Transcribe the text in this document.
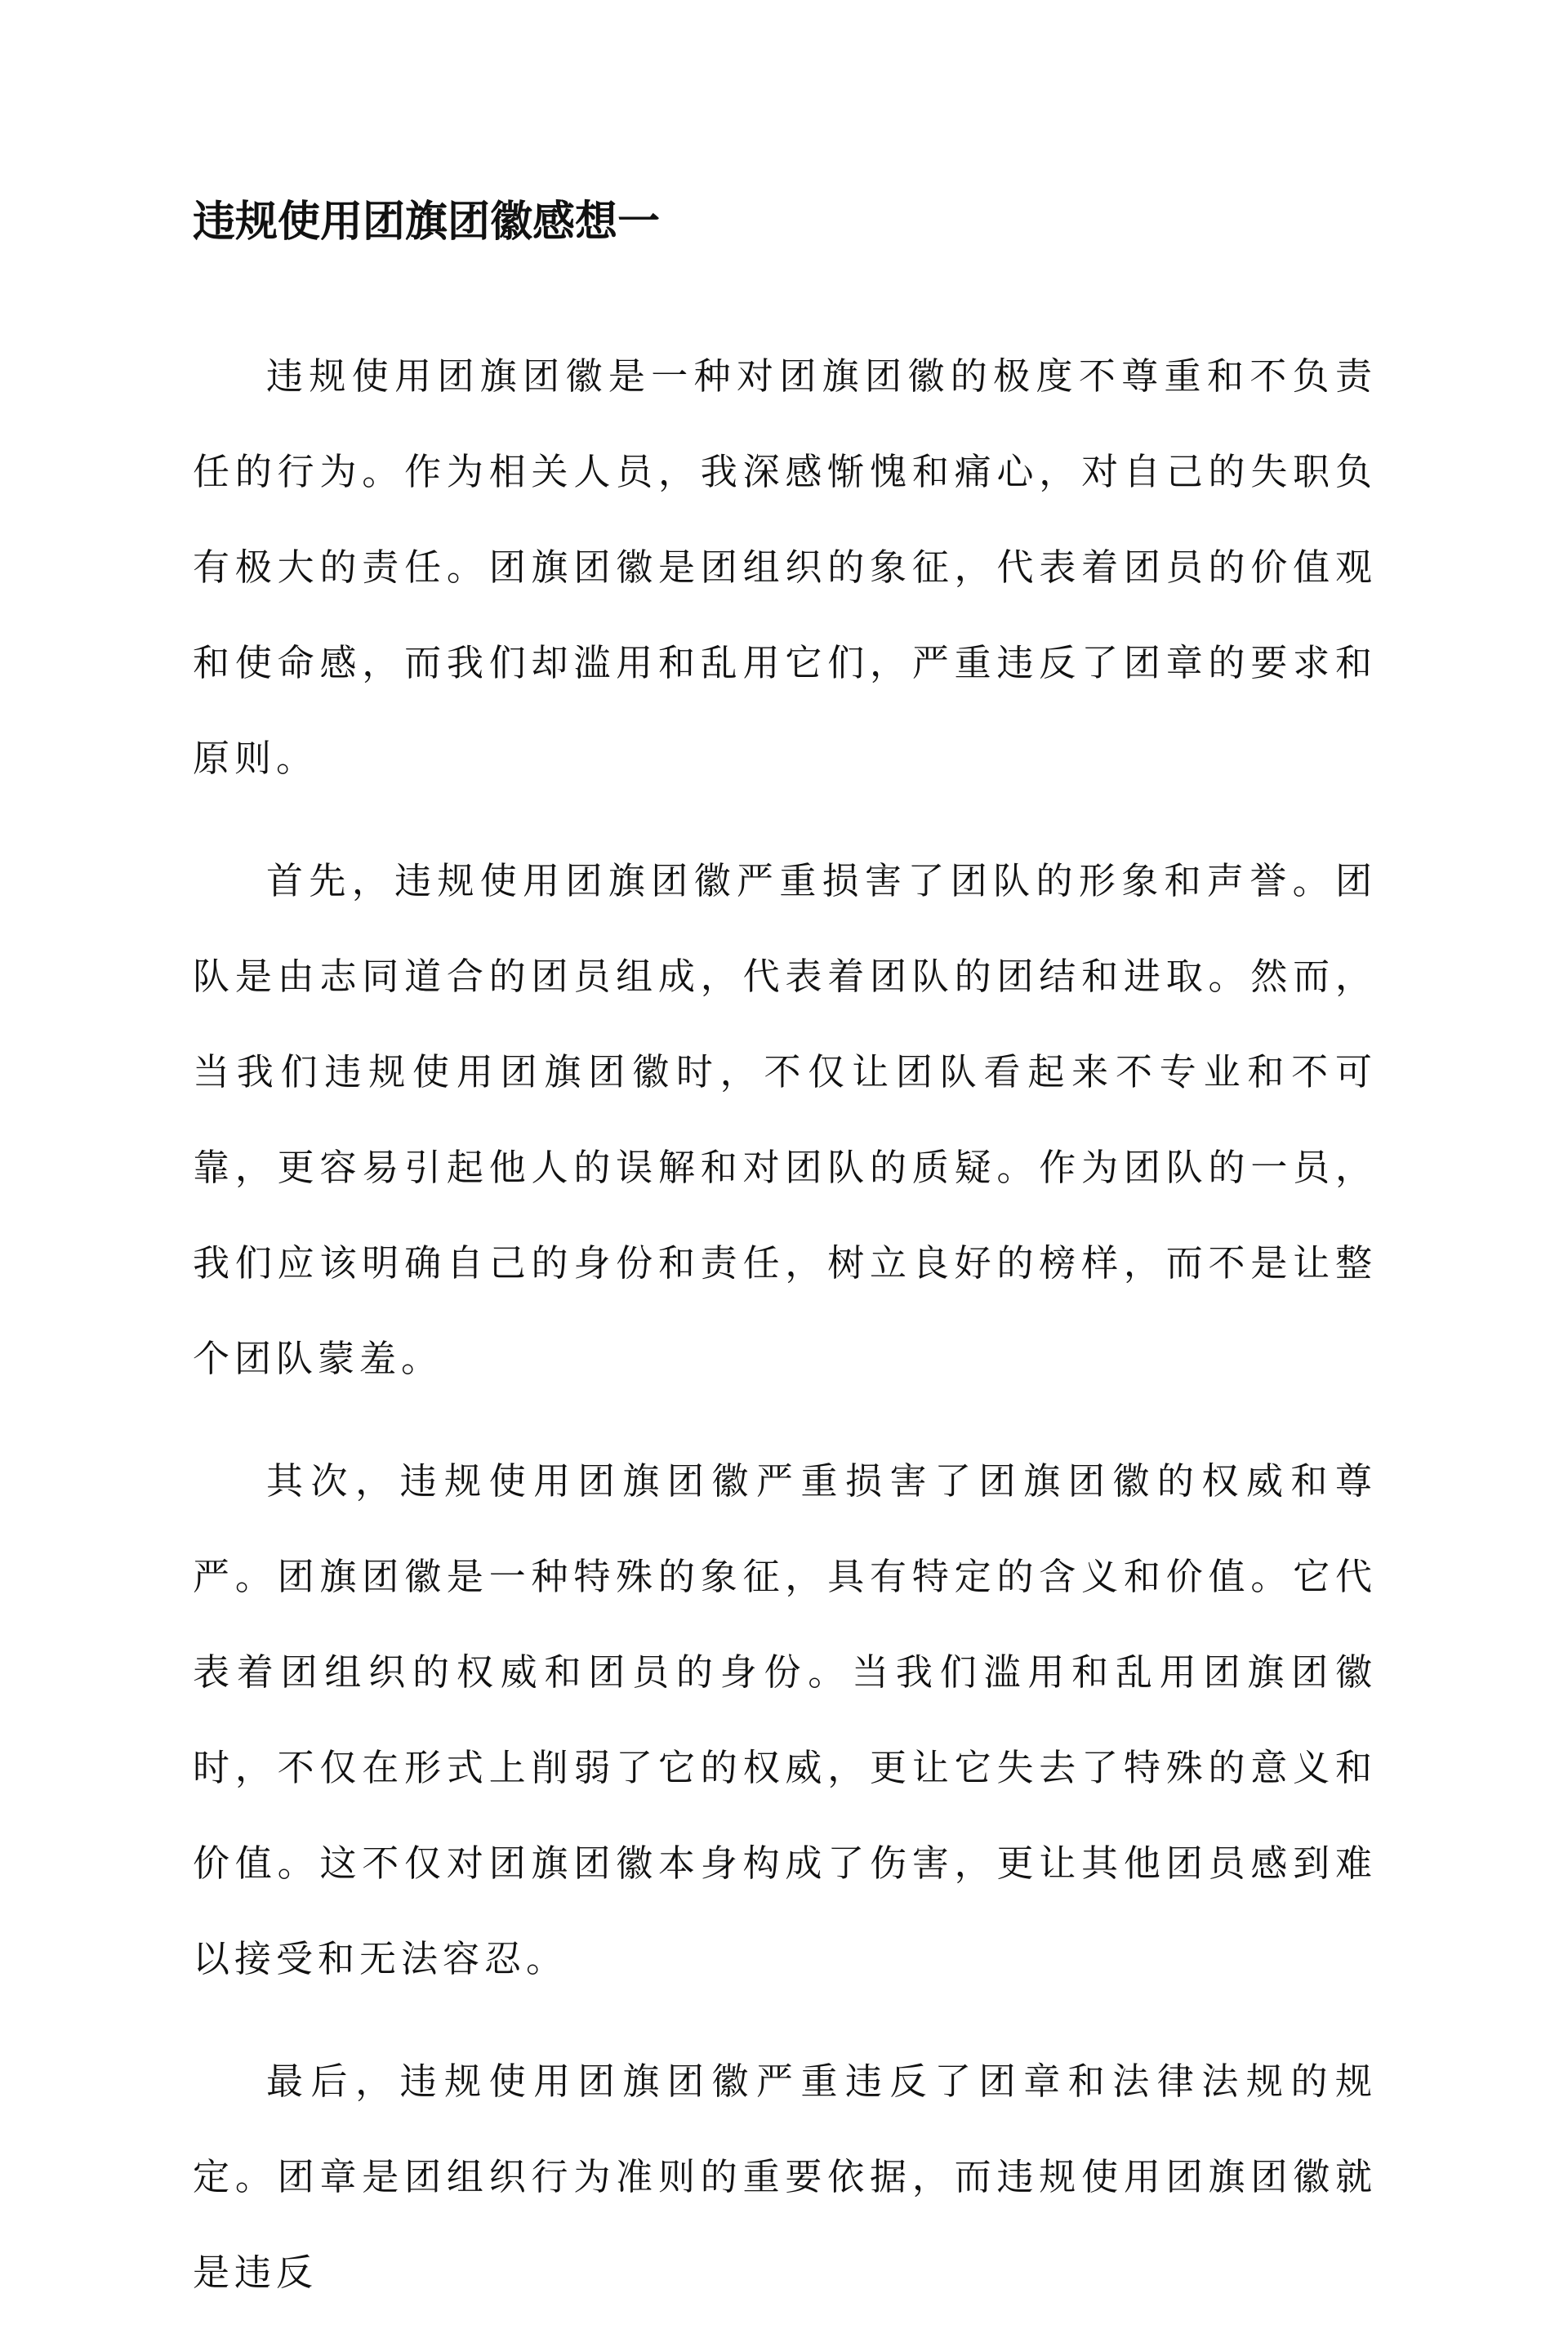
违规使用团旗团徽感想一

违规使用团旗团徽是一种对团旗团徽的极度不尊重和不负责任的行为。作为相关人员，我深感惭愧和痛心，对自己的失职负有极大的责任。团旗团徽是团组织的象征，代表着团员的价值观和使命感，而我们却滥用和乱用它们，严重违反了团章的要求和原则。

首先，违规使用团旗团徽严重损害了团队的形象和声誉。团队是由志同道合的团员组成，代表着团队的团结和进取。然而，当我们违规使用团旗团徽时，不仅让团队看起来不专业和不可靠，更容易引起他人的误解和对团队的质疑。作为团队的一员，我们应该明确自己的身份和责任，树立良好的榜样，而不是让整个团队蒙羞。

其次，违规使用团旗团徽严重损害了团旗团徽的权威和尊严。团旗团徽是一种特殊的象征，具有特定的含义和价值。它代表着团组织的权威和团员的身份。当我们滥用和乱用团旗团徽时，不仅在形式上削弱了它的权威，更让它失去了特殊的意义和价值。这不仅对团旗团徽本身构成了伤害，更让其他团员感到难以接受和无法容忍。

最后，违规使用团旗团徽严重违反了团章和法律法规的规定。团章是团组织行为准则的重要依据，而违规使用团旗团徽就是违反
